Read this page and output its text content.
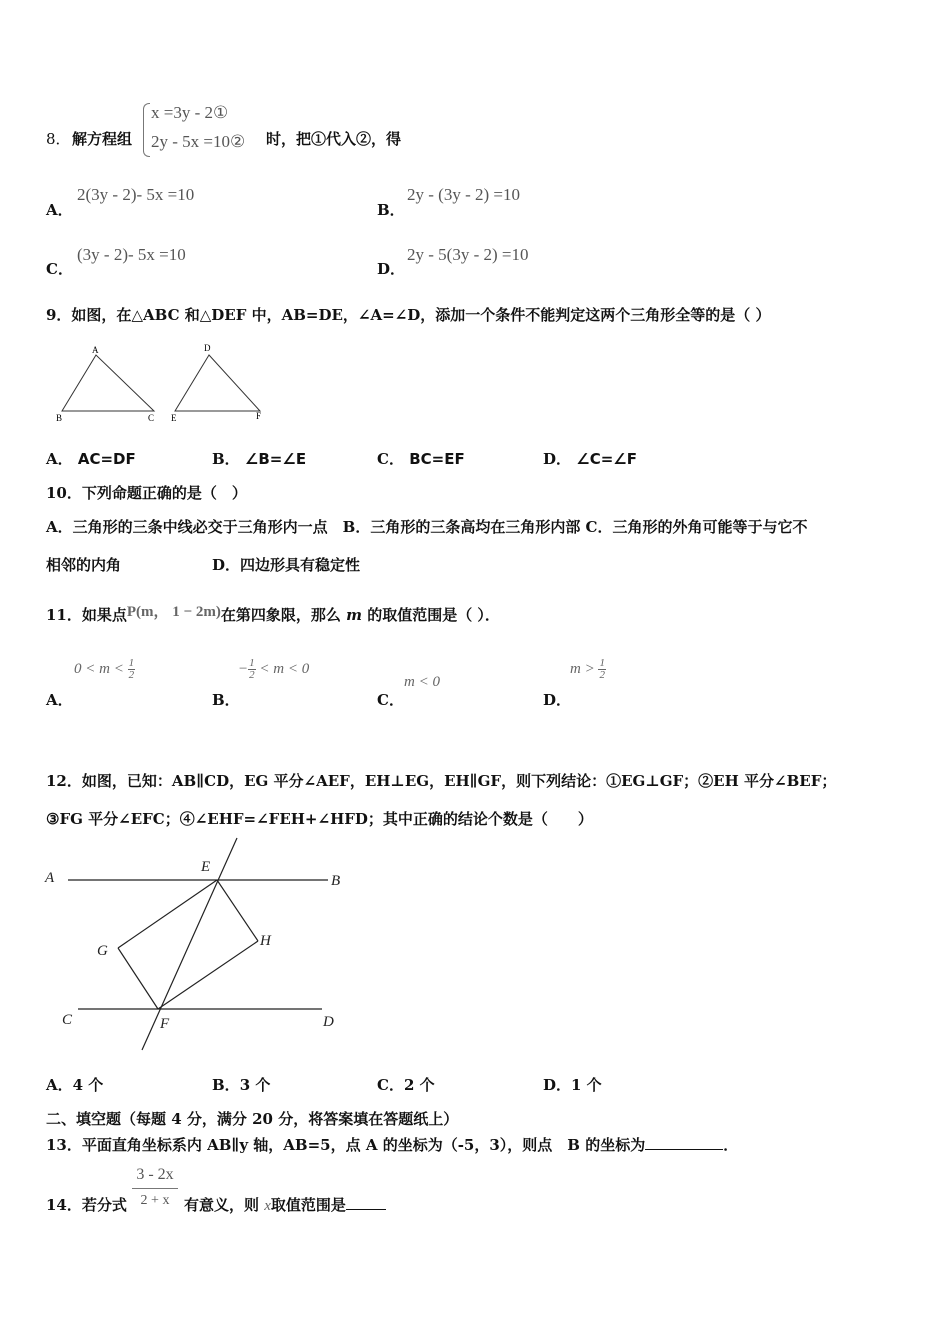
8． 解方程组
x =3y - 2①
2y - 5x =10② 时，把①代入②，得
A．
2(3y - 2)- 5x =10
B．
2y - (3y - 2) =10
C．
(3y - 2)- 5x =10
D．
2y - 5(3y - 2) =10
9．如图，在△ABC 和△DEF 中，AB=DE，∠A=∠D，添加一个条件不能判定这两个三角形全等的是（ ）
A
B	C
D
E	F
A． AC=DF	B． ∠B=∠E	C． BC=EF	D． ∠C=∠F
10．下列命题正确的是（　）
A．三角形的三条中线必交于三角形内一点　B．三角形的三条高均在三角形内部 C．三角形的外角可能等于与它不
相邻的内角	D．四边形具有稳定性
11．如果点P(m， 1 − 2m)在第四象限，那么 m 的取值范围是（ ）．
$0 < m < \frac{1}{2}$	− $\frac{1}{2} < m < 0$
m < 0
$m > \frac{1}{2}$
A．	B．	C．	D．
12．如图，已知：AB∥CD，EG 平分∠AEF，EH⊥EG，EH∥GF，则下列结论：①EG⊥GF；②EH 平分∠BEF；
③FG 平分∠EFC；④∠EHF=∠FEH+∠HFD；其中正确的结论个数是（　　）
A	B
C	D
E
F
G
H
A．4 个	B．3 个	C．2 个	D．1 个
二、填空题（每题 4 分，满分 20 分，将答案填在答题纸上）
13．平面直角坐标系内 AB∥y 轴，AB=5，点 A 的坐标为（-5，3），则点　B 的坐标为	．
14．若分式 $\frac{3 - 2x}{2 + x}$ 有意义，则 x取值范围是
